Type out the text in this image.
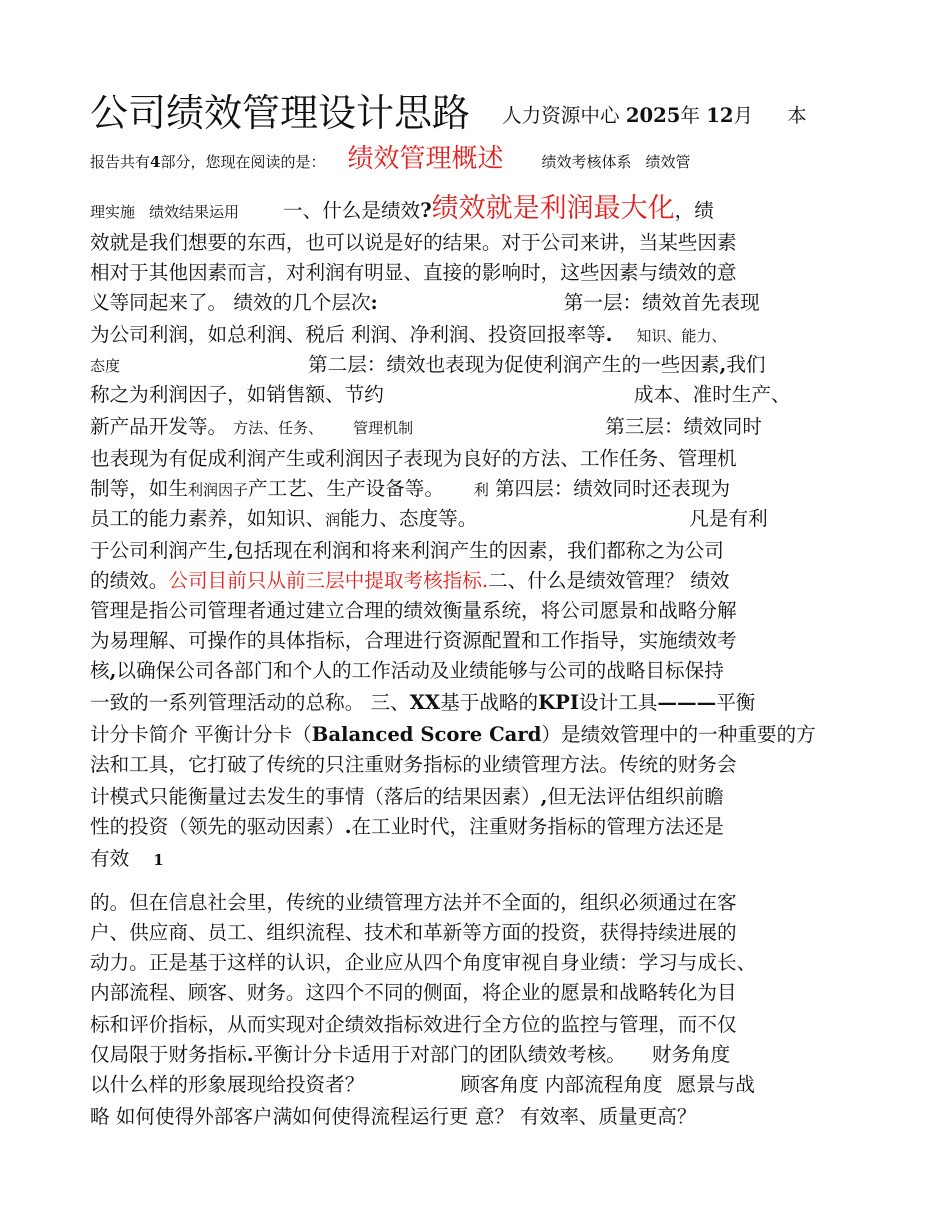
公司绩效管理设计思路 人力资源中心 2025年 12月 本
报告共有4部分，您现在阅读的是： 绩效管理概述	绩效考核体系 绩效管
理实施 绩效结果运用 一、什么是绩效?绩效就是利润最大化，绩
效就是我们想要的东西，也可以说是好的结果。对于公司来讲，当某些因素
相对于其他因素而言，对利润有明显、直接的影响时，这些因素与绩效的意
义等同起来了。 绩效的几个层次:	第一层：绩效首先表现
为公司利润，如总利润、税后 利润、净利润、投资回报率等. 知识、能力、
态度	第二层：绩效也表现为促使利润产生的一些因素,我们
称之为利润因子，如销售额、节约	成本、准时生产、
新产品开发等。 方法、任务、 管理机制	第三层：绩效同时
也表现为有促成利润产生或利润因子表现为良好的方法、工作任务、管理机
制等，如生利润因子产工艺、生产设备等。 利 第四层：绩效同时还表现为
员工的能力素养，如知识、润能力、态度等。	凡是有利
于公司利润产生,包括现在利润和将来利润产生的因素，我们都称之为公司
的绩效。公司目前只从前三层中提取考核指标.二、什么是绩效管理？ 绩效
管理是指公司管理者通过建立合理的绩效衡量系统，将公司愿景和战略分解
为易理解、可操作的具体指标，合理进行资源配置和工作指导，实施绩效考
核,以确保公司各部门和个人的工作活动及业绩能够与公司的战略目标保持
一致的一系列管理活动的总称。 三、XX基于战略的KPI设计工具———平衡
计分卡简介 平衡计分卡（Balanced Score Card）是绩效管理中的一种重要的方
法和工具，它打破了传统的只注重财务指标的业绩管理方法。传统的财务会
计模式只能衡量过去发生的事情（落后的结果因素）,但无法评估组织前瞻
性的投资（领先的驱动因素）.在工业时代，注重财务指标的管理方法还是
有效 1
的。但在信息社会里，传统的业绩管理方法并不全面的，组织必须通过在客
户、供应商、员工、组织流程、技术和革新等方面的投资，获得持续进展的
动力。正是基于这样的认识，企业应从四个角度审视自身业绩：学习与成长、
内部流程、顾客、财务。这四个不同的侧面，将企业的愿景和战略转化为目
标和评价指标，从而实现对企绩效指标效进行全方位的监控与管理，而不仅
仅局限于财务指标.平衡计分卡适用于对部门的团队绩效考核。 财务角度
以什么样的形象展现给投资者？	顾客角度 内部流程角度 愿景与战
略 如何使得外部客户满如何使得流程运行更 意？ 有效率、质量更高？
